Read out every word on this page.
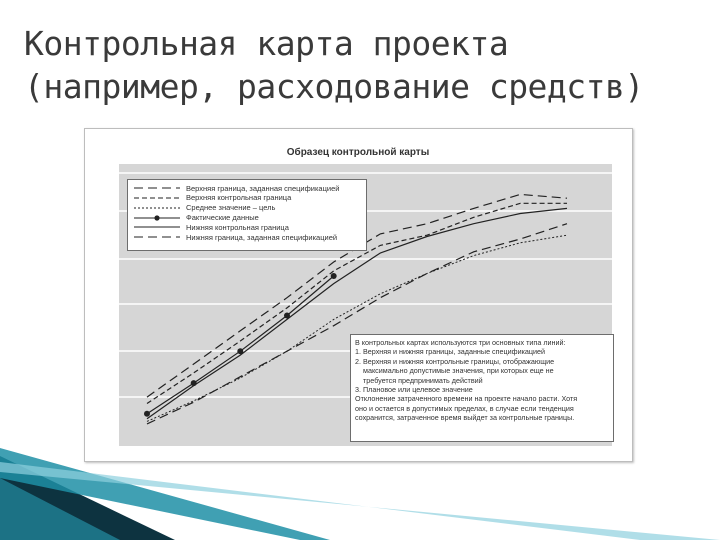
Контрольная карта проекта
(например, расходование средств)
Образец контрольной карты
Верхняя граница, заданная спецификацией
Верхняя контрольная граница
Среднее значение – цель
Фактические данные
Нижняя контрольная граница
Нижняя граница, заданная спецификацией
В контрольных картах используются три основных типа линий:
1. Верхняя и нижняя границы, заданные спецификацией
2. Верхняя и нижняя контрольные границы, отображающие
максимально допустимые значения, при которых еще не
требуется предпринимать действий
3. Плановое или целевое значение
Отклонение затраченного времени на проекте начало расти. Хотя
оно и остается в допустимых пределах, в случае если тенденция
сохранится, затраченное время выйдет за контрольные границы.
